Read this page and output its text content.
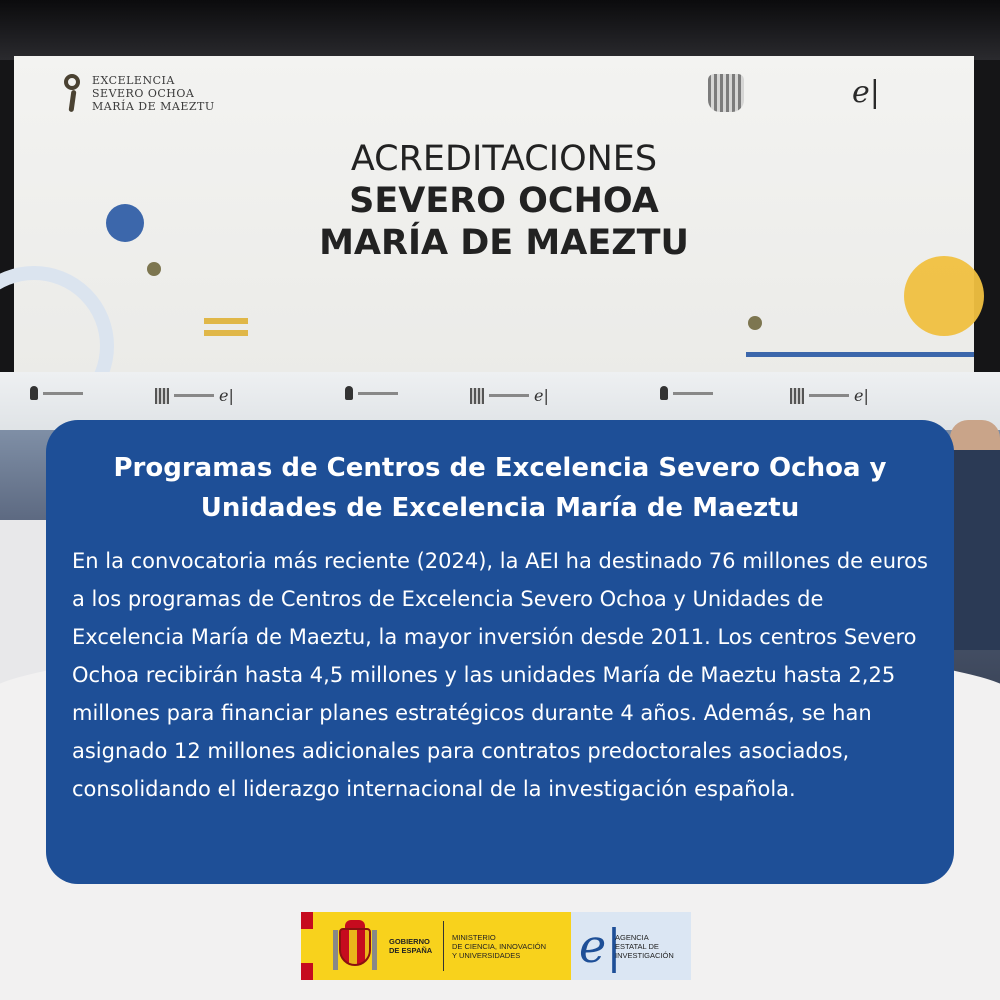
EXCELENCIA
SEVERO OCHOA
MARÍA DE MAEZTU	e|
ACREDITACIONES
SEVERO OCHOA
MARÍA DE MAEZTU
e|	e|	e|
Programas de Centros de Excelencia Severo Ochoa y Unidades de Excelencia María de Maeztu

En la convocatoria más reciente (2024), la AEI ha destinado 76 millones de euros a los programas de Centros de Excelencia Severo Ochoa y Unidades de Excelencia María de Maeztu, la mayor inversión desde 2011. Los centros Severo Ochoa recibirán hasta 4,5 millones y las unidades María de Maeztu hasta 2,25 millones para financiar planes estratégicos durante 4 años. Además, se han asignado 12 millones adicionales para contratos predoctorales asociados, consolidando el liderazgo internacional de la investigación española.

GOBIERNO
DE ESPAÑA
MINISTERIO
DE CIENCIA, INNOVACIÓN
Y UNIVERSIDADES	e|
AGENCIA
ESTATAL DE
INVESTIGACIÓN
